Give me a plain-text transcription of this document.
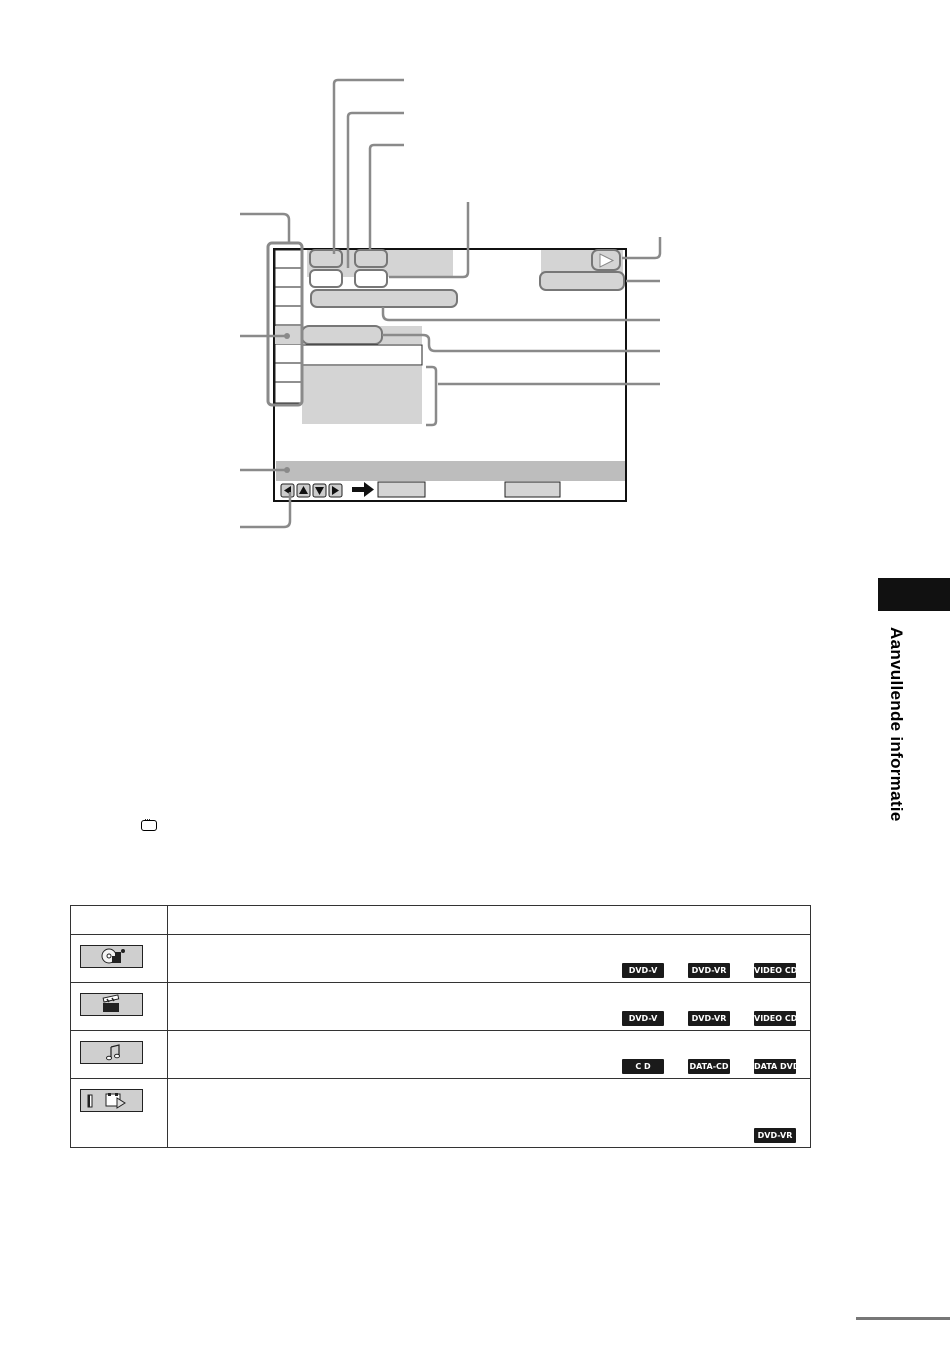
Aanvullende informatie
···

DVD-V DVD-VR VIDEO CD

DVD-V DVD-VR VIDEO CD

C D DATA-CD DATA DVD

DVD-VR
